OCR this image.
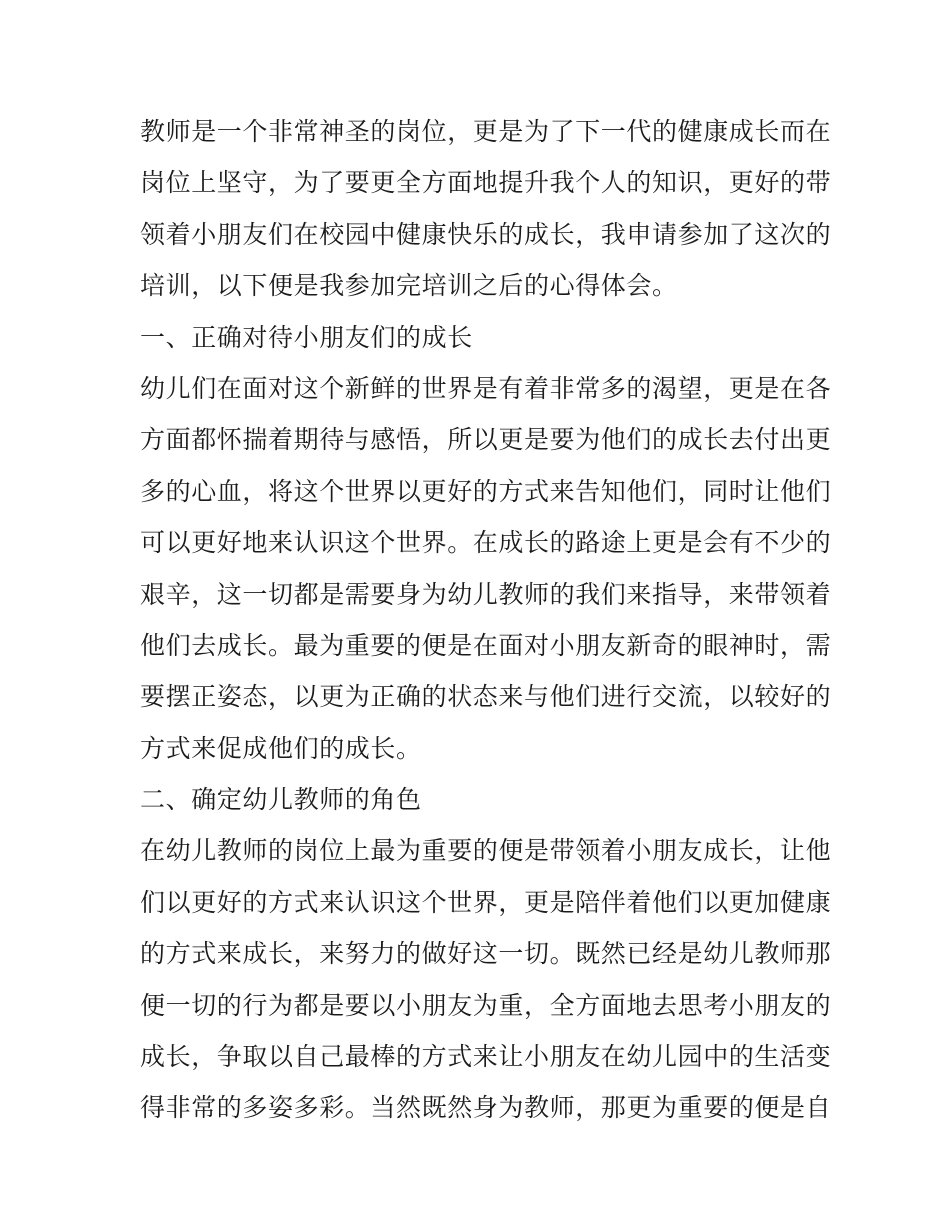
教师是一个非常神圣的岗位，更是为了下一代的健康成长而在
岗位上坚守，为了要更全方面地提升我个人的知识，更好的带
领着小朋友们在校园中健康快乐的成长，我申请参加了这次的
培训，以下便是我参加完培训之后的心得体会。
一、正确对待小朋友们的成长
幼儿们在面对这个新鲜的世界是有着非常多的渴望，更是在各
方面都怀揣着期待与感悟，所以更是要为他们的成长去付出更
多的心血，将这个世界以更好的方式来告知他们，同时让他们
可以更好地来认识这个世界。在成长的路途上更是会有不少的
艰辛，这一切都是需要身为幼儿教师的我们来指导，来带领着
他们去成长。最为重要的便是在面对小朋友新奇的眼神时，需
要摆正姿态，以更为正确的状态来与他们进行交流，以较好的
方式来促成他们的成长。
二、确定幼儿教师的角色
在幼儿教师的岗位上最为重要的便是带领着小朋友成长，让他
们以更好的方式来认识这个世界，更是陪伴着他们以更加健康
的方式来成长，来努力的做好这一切。既然已经是幼儿教师那
便一切的行为都是要以小朋友为重，全方面地去思考小朋友的
成长，争取以自己最棒的方式来让小朋友在幼儿园中的生活变
得非常的多姿多彩。当然既然身为教师，那更为重要的便是自
